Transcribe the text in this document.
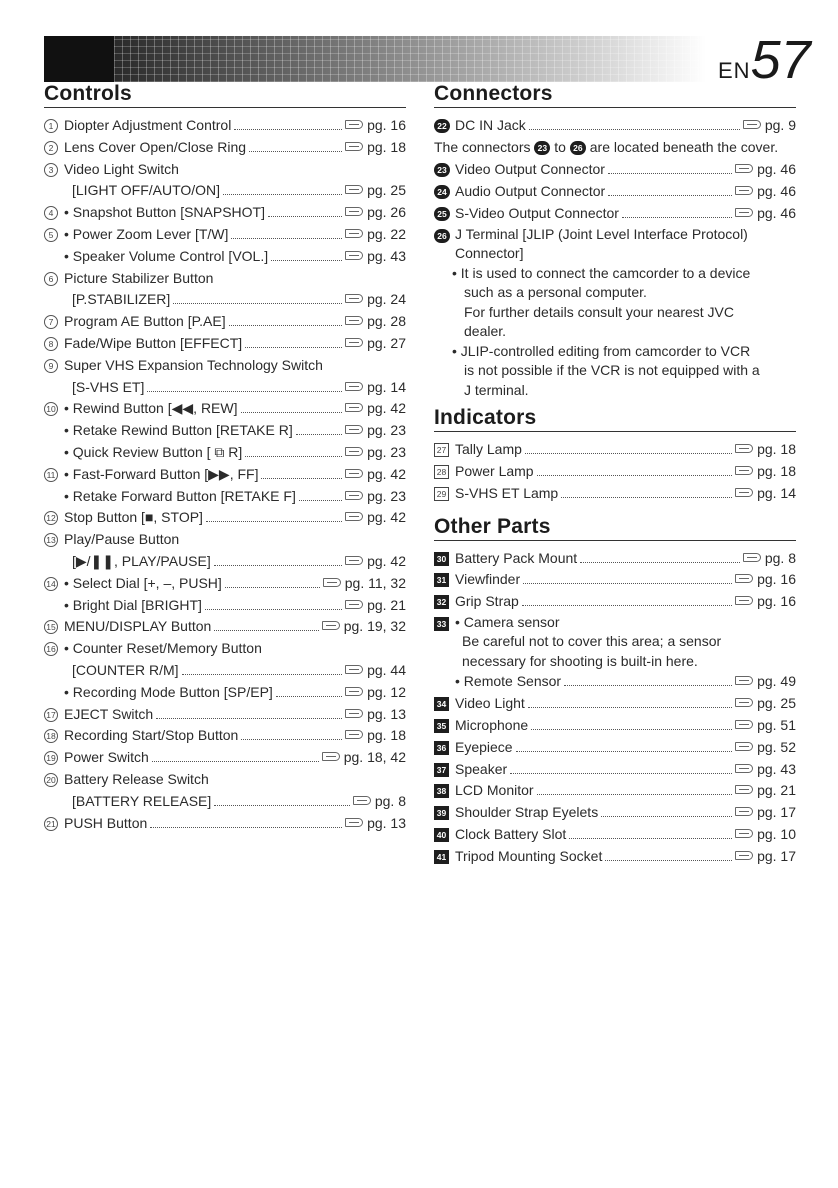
EN57
Controls
1 Diopter Adjustment Control	pg. 16
2 Lens Cover Open/Close Ring	pg. 18
3 Video Light Switch
[LIGHT OFF/AUTO/ON]	pg. 25
4 • Snapshot Button [SNAPSHOT]	pg. 26
5 • Power Zoom Lever [T/W]	pg. 22
• Speaker Volume Control [VOL.]	pg. 43
6 Picture Stabilizer Button
[P.STABILIZER]	pg. 24
7 Program AE Button [P.AE]	pg. 28
8 Fade/Wipe Button [EFFECT]	pg. 27
9 Super VHS Expansion Technology Switch
[S-VHS ET]	pg. 14
10 • Rewind Button [◀◀, REW]	pg. 42
• Retake Rewind Button [RETAKE R]	pg. 23
• Quick Review Button [ ⧉ R]	pg. 23
11 • Fast-Forward Button [▶▶, FF]	pg. 42
• Retake Forward Button [RETAKE F]	pg. 23
12 Stop Button [■, STOP]	pg. 42
13 Play/Pause Button
[▶/❚❚, PLAY/PAUSE]	pg. 42
14 • Select Dial [+, –, PUSH]	pg. 11, 32
• Bright Dial [BRIGHT]	pg. 21
15 MENU/DISPLAY Button	pg. 19, 32
16 • Counter Reset/Memory Button
[COUNTER R/M]	pg. 44
• Recording Mode Button [SP/EP]	pg. 12
17 EJECT Switch	pg. 13
18 Recording Start/Stop Button	pg. 18
19 Power Switch	pg. 18, 42
20 Battery Release Switch
[BATTERY RELEASE]	pg. 8
21 PUSH Button	pg. 13
Connectors
22 DC IN Jack	pg. 9
The connectors 23 to 26 are located beneath the cover.
23 Video Output Connector	pg. 46
24 Audio Output Connector	pg. 46
25 S-Video Output Connector	pg. 46
26 J Terminal [JLIP (Joint Level Interface Protocol)
Connector]
• It is used to connect the camcorder to a device
such as a personal computer.
For further details consult your nearest JVC
dealer.
• JLIP-controlled editing from camcorder to VCR
is not possible if the VCR is not equipped with a
J terminal.
Indicators
27 Tally Lamp	pg. 18
28 Power Lamp	pg. 18
29 S-VHS ET Lamp	pg. 14
Other Parts
30 Battery Pack Mount	pg. 8
31 Viewfinder	pg. 16
32 Grip Strap	pg. 16
33 • Camera sensor
Be careful not to cover this area; a sensor
necessary for shooting is built-in here.
• Remote Sensor	pg. 49
34 Video Light	pg. 25
35 Microphone	pg. 51
36 Eyepiece	pg. 52
37 Speaker	pg. 43
38 LCD Monitor	pg. 21
39 Shoulder Strap Eyelets	pg. 17
40 Clock Battery Slot	pg. 10
41 Tripod Mounting Socket	pg. 17
